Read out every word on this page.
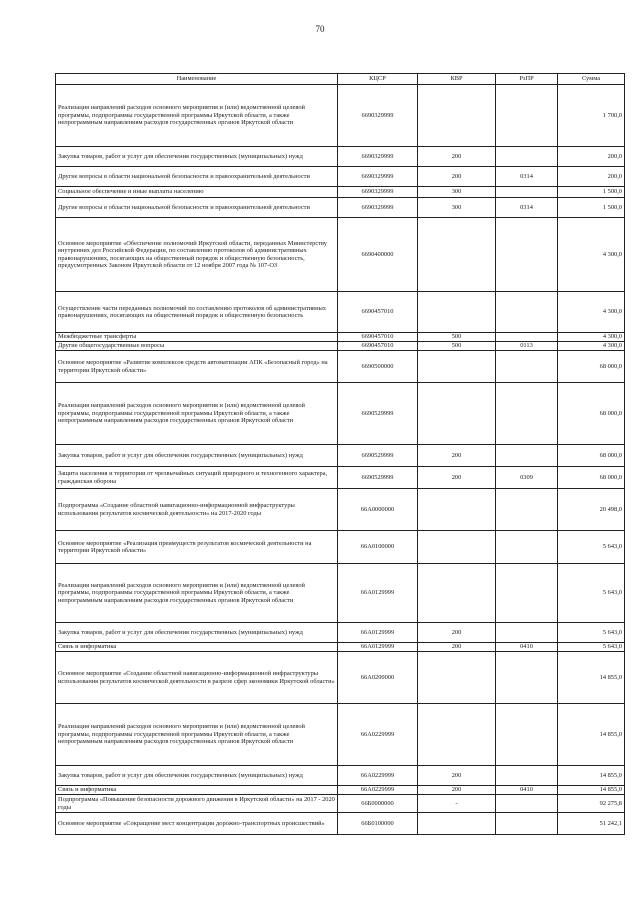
70
Наименование	КЦСР	КВР	РзПР	Сумма
Реализация направлений расходов основного мероприятия и (или) ведомственной целевой программы, подпрограммы государственной программы Иркутской области, а также непрограммным направлениям расходов государственных органов Иркутской области	6690329999			1 700,0
Закупка товаров, работ и услуг для обеспечения государственных (муниципальных) нужд	6690329999	200		200,0
Другие вопросы в области национальной безопасности и правоохранительной деятельности	6690329999	200	0314	200,0
Социальное обеспечение и иные выплаты населению	6690329999	300		1 500,0
Другие вопросы в области национальной безопасности и правоохранительной деятельности	6690329999	300	0314	1 500,0
Основное мероприятие «Обеспечение полномочий Иркутской области, переданных Министерству внутренних дел Российской Федерации, по составлению протоколов об административных правонарушениях, посягающих на общественный порядок и общественную безопасность, предусмотренных Законом Иркутской области от 12 ноября 2007 года № 107-ОЗ	6690400000			4 300,0
Осуществление части переданных полномочий по составлению протоколов об административных правонарушениях, посягающих на общественный порядок и общественную безопасность	6690457010			4 300,0
Межбюджетные трансферты	6690457010	500		4 300,0
Другие общегосударственные вопросы	6690457010	500	0113	4 300,0
Основное мероприятие «Развитие комплексов средств автоматизации АПК «Безопасный город» на территории Иркутской области»	6690500000			68 000,0
Реализация направлений расходов основного мероприятия и (или) ведомственной целевой программы, подпрограммы государственной программы Иркутской области, а также непрограммным направлениям расходов государственных органов Иркутской области	6690529999			68 000,0
Закупка товаров, работ и услуг для обеспечения государственных (муниципальных) нужд	6690529999	200		68 000,0
Защита населения и территории от чрезвычайных ситуаций природного и техногенного характера, гражданская оборона	6690529999	200	0309	68 000,0
Подпрограмма «Создание областной навигационно-информационной инфраструктуры использования результатов космической деятельности» на 2017-2020 годы	66А0000000			20 498,0
Основное мероприятие «Реализация преимуществ результатов космической деятельности на территории Иркутской области»	66А0100000			5 643,0
Реализация направлений расходов основного мероприятия и (или) ведомственной целевой программы, подпрограммы государственной программы Иркутской области, а также непрограммным направлениям расходов государственных органов Иркутской области	66А0129999			5 643,0
Закупка товаров, работ и услуг для обеспечения государственных (муниципальных) нужд	66А0129999	200		5 643,0
Связь и информатика	66А0129999	200	0410	5 643,0
Основное мероприятие «Создание областной навигационно-информационной инфраструктуры использования результатов космической деятельности в разрезе сфер экономики Иркутской области»	66А0200000			14 855,0
Реализация направлений расходов основного мероприятия и (или) ведомственной целевой программы, подпрограммы государственной программы Иркутской области, а также непрограммным направлениям расходов государственных органов Иркутской области	66А0229999			14 855,0
Закупка товаров, работ и услуг для обеспечения государственных (муниципальных) нужд	66А0229999	200		14 855,0
Связь и информатика	66А0229999	200	0410	14 855,0
Подпрограмма «Повышение безопасности дорожного движения в Иркутской области» на 2017 - 2020 годы	66Б0000000	-		92 275,8
Основное мероприятие «Сокращение мест концентрации дорожно-транспортных происшествий»	66Б0100000			51 242,1
